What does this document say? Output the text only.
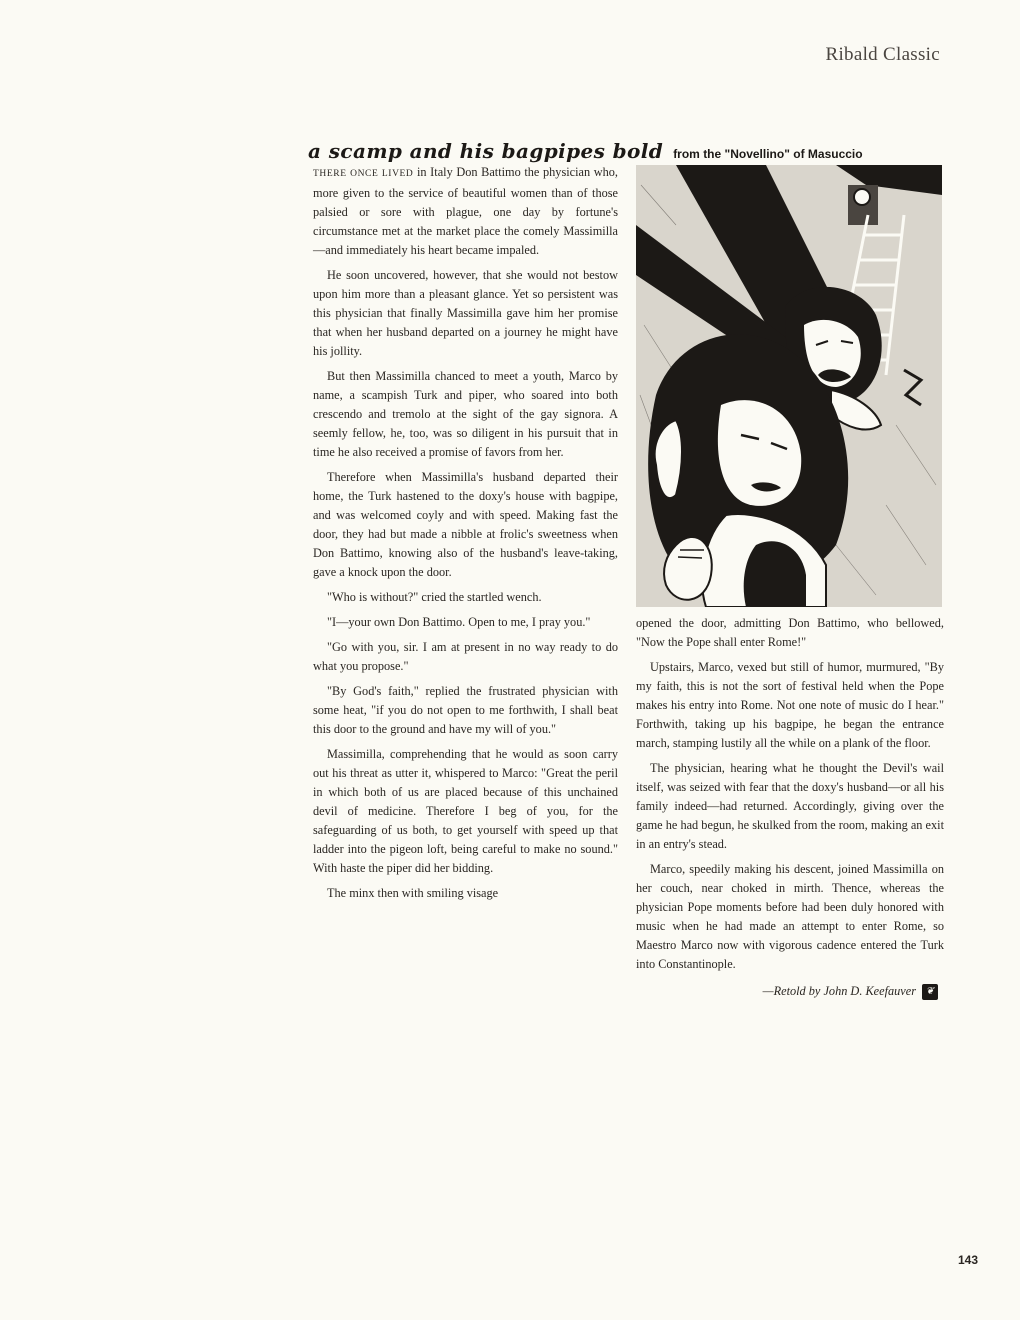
Ribald Classic
a scamp and his bagpipes bold from the "Novellino" of Masuccio

THERE ONCE LIVED in Italy Don Battimo the physician who, more given to the service of beautiful women than of those palsied or sore with plague, one day by fortune's circumstance met at the market place the comely Massimilla—and immediately his heart became impaled.

He soon uncovered, however, that she would not bestow upon him more than a pleasant glance. Yet so persistent was this physician that finally Massimilla gave him her promise that when her husband departed on a journey he might have his jollity.

But then Massimilla chanced to meet a youth, Marco by name, a scampish Turk and piper, who soared into both crescendo and tremolo at the sight of the gay signora. A seemly fellow, he, too, was so diligent in his pursuit that in time he also received a promise of favors from her.

Therefore when Massimilla's husband departed their home, the Turk hastened to the doxy's house with bagpipe, and was welcomed coyly and with speed. Making fast the door, they had but made a nibble at frolic's sweetness when Don Battimo, knowing also of the husband's leave-taking, gave a knock upon the door.

"Who is without?" cried the startled wench.

"I—your own Don Battimo. Open to me, I pray you."

"Go with you, sir. I am at present in no way ready to do what you propose."

"By God's faith," replied the frustrated physician with some heat, "if you do not open to me forthwith, I shall beat this door to the ground and have my will of you."

Massimilla, comprehending that he would as soon carry out his threat as utter it, whispered to Marco: "Great the peril in which both of us are placed because of this unchained devil of medicine. Therefore I beg of you, for the safeguarding of us both, to get yourself with speed up that ladder into the pigeon loft, being careful to make no sound." With haste the piper did her bidding.

The minx then with smiling visage

opened the door, admitting Don Battimo, who bellowed, "Now the Pope shall enter Rome!"

Upstairs, Marco, vexed but still of humor, murmured, "By my faith, this is not the sort of festival held when the Pope makes his entry into Rome. Not one note of music do I hear." Forthwith, taking up his bagpipe, he began the entrance march, stamping lustily all the while on a plank of the floor.

The physician, hearing what he thought the Devil's wail itself, was seized with fear that the doxy's husband—or all his family indeed—had returned. Accordingly, giving over the game he had begun, he skulked from the room, making an exit in an entry's stead.

Marco, speedily making his descent, joined Massimilla on her couch, near choked in mirth. Thence, whereas the physician Pope moments before had been duly honored with music when he had made an attempt to enter Rome, so Maestro Marco now with vigorous cadence entered the Turk into Constantinople.

—Retold by John D. Keefauver ❦
143
